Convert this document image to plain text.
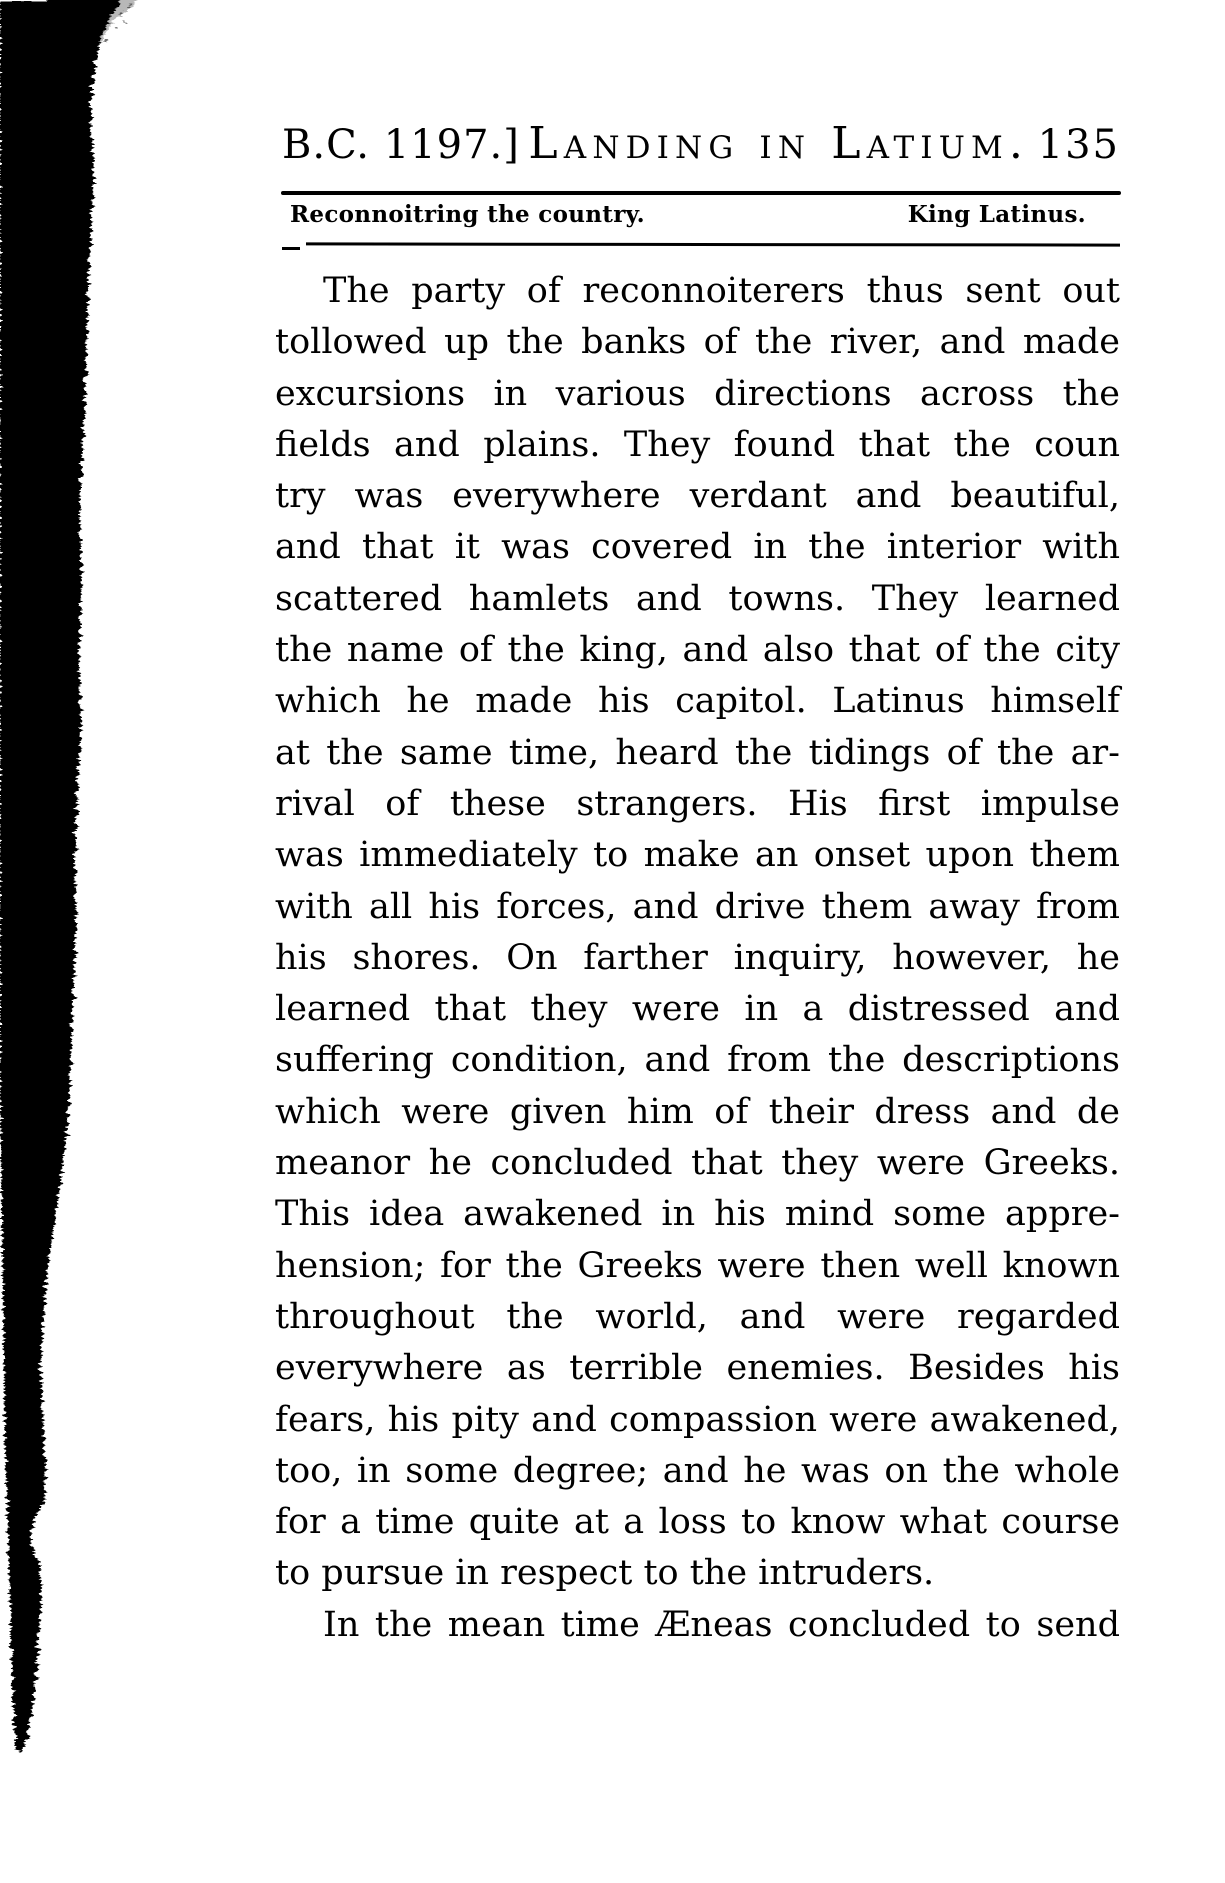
B.C. 1197.] Landing in Latium. 135
Reconnoitring the country.	King Latinus.
The party of reconnoiterers thus sent out
tollowed up the banks of the river, and made
excursions in various directions across the
fields and plains. They found that the coun
try was everywhere verdant and beautiful,
and that it was covered in the interior with
scattered hamlets and towns. They learned
the name of the king, and also that of the city
which he made his capitol. Latinus himself
at the same time, heard the tidings of the ar-
rival of these strangers. His first impulse
was immediately to make an onset upon them
with all his forces, and drive them away from
his shores. On farther inquiry, however, he
learned that they were in a distressed and
suffering condition, and from the descriptions
which were given him of their dress and de
meanor he concluded that they were Greeks.
This idea awakened in his mind some appre-
hension; for the Greeks were then well known
throughout the world, and were regarded
everywhere as terrible enemies. Besides his
fears, his pity and compassion were awakened,
too, in some degree; and he was on the whole
for a time quite at a loss to know what course
to pursue in respect to the intruders.
In the mean time Æneas concluded to send
